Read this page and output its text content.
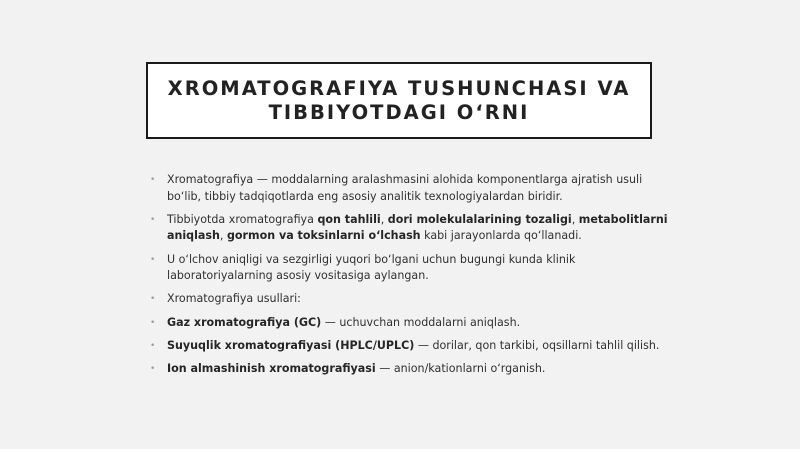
XROMATOGRAFIYA TUSHUNCHASI VA TIBBIYOTDAGI O‘RNI
• Xromatografiya — moddalarning aralashmasini alohida komponentlarga ajratish usuli bo‘lib, tibbiy tadqiqotlarda eng asosiy analitik texnologiyalardan biridir.
• Tibbiyotda xromatografiya qon tahlili, dori molekulalarining tozaligi, metabolitlarni aniqlash, gormon va toksinlarni o‘lchash kabi jarayonlarda qo‘llanadi.
• U o‘lchov aniqligi va sezgirligi yuqori bo‘lgani uchun bugungi kunda klinik laboratoriyalarning asosiy vositasiga aylangan.
• Xromatografiya usullari:
• Gaz xromatografiya (GC) — uchuvchan moddalarni aniqlash.
• Suyuqlik xromatografiyasi (HPLC/UPLC) — dorilar, qon tarkibi, oqsillarni tahlil qilish.
• Ion almashinish xromatografiyasi — anion/kationlarni o‘rganish.
